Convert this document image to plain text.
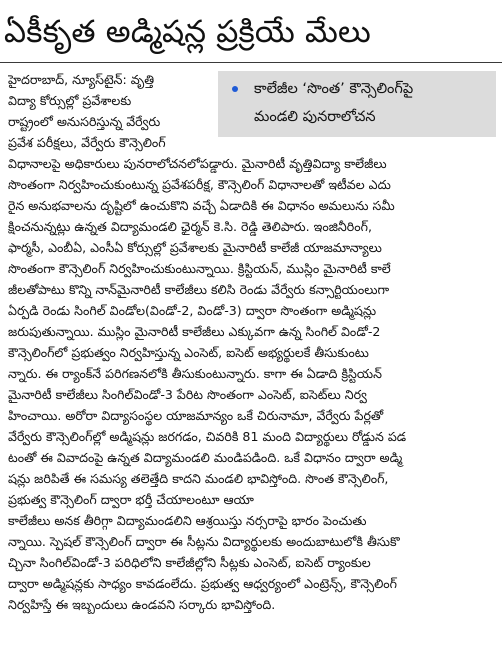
ఏకీకృత అడ్మిషన్ల ప్రక్రియే మేలు
కాలేజీల ‘సొంత’ కౌన్సెలింగ్‌పై
మండలి పునరాలోచన
హైదరాబాద్, న్యూస్‌టైన్: వృత్తి
విద్యా కోర్సుల్లో ప్రవేశాలకు
రాష్ట్రంలో అనుసరిస్తున్న వేర్వేరు
ప్రవేశ పరీక్షలు, వేర్వేరు కౌన్సెలింగ్
విధానాలపై అధికారులు పునరాలోచనలోపడ్డారు. మైనారిటీ వృత్తివిద్యా కాలేజీలు
సొంతంగా నిర్వహించుకుంటున్న ప్రవేశపరీక్ష, కౌన్సెలింగ్ విధానాలతో ఇటీవల ఎదు
రైన అనుభవాలను దృష్టిలో ఉంచుకొని వచ్చే ఏడాదికి ఈ విధానం అమలును సమీ
క్షించనున్నట్లు ఉన్నత విద్యామండలి ఛైర్మన్ కె.సి. రెడ్డి తెలిపారు. ఇంజినీరింగ్,
ఫార్మసీ, ఎంబీఏ, ఎంసీఏ కోర్సుల్లో ప్రవేశాలకు మైనారిటీ కాలేజీ యాజమాన్యాలు
సొంతంగా కౌన్సెలింగ్ నిర్వహించుకుంటున్నాయి. క్రిస్టియన్, ముస్లిం మైనారిటీ కాలే
జీలతోపాటు కొన్ని నాన్‌మైనారిటీ కాలేజీలు కలిసి రెండు వేర్వేరు కన్సార్టియంలుగా
ఏర్పడి రెండు సింగిల్ విండోల(విండో-2, విండో-3) ద్వారా సొంతంగా అడ్మిషన్లు
జరుపుతున్నాయి. ముస్లిం మైనారిటీ కాలేజీలు ఎక్కువగా ఉన్న సింగిల్ విండో-2
కౌన్సెలింగ్‌లో ప్రభుత్వం నిర్వహిస్తున్న ఎంసెట్, ఐసెట్ అభ్యర్థులకే తీసుకుంటు
న్నారు. ఈ ర్యాంక్‌నే పరిగణనలోకి తీసుకుంటున్నారు. కాగా ఈ ఏడాది క్రిస్టియన్
మైనారిటీ కాలేజీలు సింగిల్‌విండో-3 పేరిట సొంతంగా ఎంసెట్, ఐసెట్‌లు నిర్వ
హించాయి. అరోరా విద్యాసంస్థల యాజమాన్యం ఒకే చిరునామా, వేర్వేరు పేర్లతో
వేర్వేరు కౌన్సెలింగ్‌ల్లో అడ్మిషన్లు జరగడం, చివరికి 81 మంది విద్యార్థులు రోడ్డున పడ
టంతో ఈ వివాదంపై ఉన్నత విద్యామండలి మండిపడింది. ఒకే విధానం ద్వారా అడ్మి
షన్లు జరిపితే ఈ సమస్య తలెత్తేది కాదని మండలి భావిస్తోంది. సొంత కౌన్సెలింగ్,
ప్రభుత్వ కౌన్సెలింగ్ ద్వారా భర్తీ చేయాలంటూ ఆయా
కాలేజీలు అనక తీరిగ్గా విద్యామండలిని ఆశ్రయిస్తు నర్సరాపై భారం పెంచుతు
న్నాయి. స్పెషల్ కౌన్సెలింగ్ ద్వారా ఈ సీట్లను విద్యార్థులకు అందుబాటులోకి తీసుకొ
చ్చినా సింగిల్‌విండో-3 పరిధిలోని కాలేజీల్లోని సీట్లకు ఎంసెట్, ఐసెట్ ర్యాంకుల
ద్వారా అడ్మిషన్లకు సాధ్యం కావడంలేదు. ప్రభుత్వ ఆధ్వర్యంలో ఎంట్రెన్స్, కౌన్సెలింగ్
నిర్వహిస్తే ఈ ఇబ్బందులు ఉండవని సర్కారు భావిస్తోంది.
